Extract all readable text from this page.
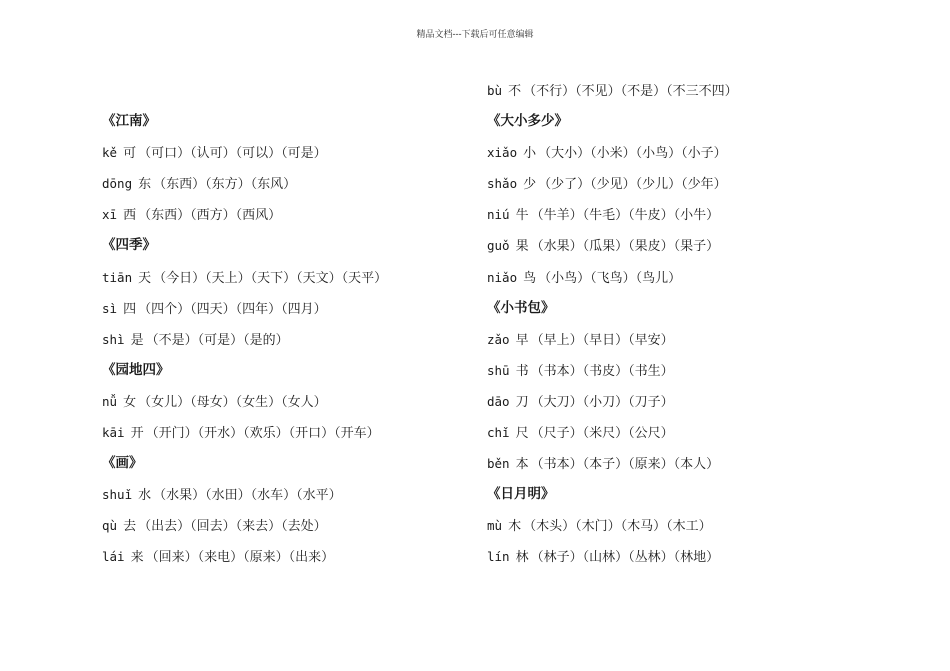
精品文档---下载后可任意编辑
《江南》
kě 可 （可口）（认可）（可以）（可是）
dōng 东 （东西）（东方）（东风）
xī 西 （东西）（西方）（西风）
《四季》
tiān 天 （今日）（天上）（天下）（天文）（天平）
sì 四 （四个）（四天）（四年）（四月）
shì 是 （不是）（可是）（是的）
《园地四》
nǚ 女 （女儿）（母女）（女生）（女人）
kāi 开 （开门）（开水）（欢乐）（开口）（开车）
《画》
shuǐ 水 （水果）（水田）（水车）（水平）
qù 去 （出去）（回去）（来去）（去处）
lái 来 （回来）（来电）（原来）（出来）
bù 不 （不行）（不见）（不是）（不三不四）
《大小多少》
xiǎo 小 （大小）（小米）（小鸟）（小子）
shǎo 少 （少了）（少见）（少儿）（少年）
niú 牛 （牛羊）（牛毛）（牛皮）（小牛）
guǒ 果 （水果）（瓜果）（果皮）（果子）
niǎo 鸟 （小鸟）（飞鸟）（鸟儿）
《小书包》
zǎo 早 （早上）（早日）（早安）
shū 书 （书本）（书皮）（书生）
dāo 刀 （大刀）（小刀）（刀子）
chǐ 尺 （尺子）（米尺）（公尺）
běn 本 （书本）（本子）（原来）（本人）
《日月明》
mù 木 （木头）（木门）（木马）（木工）
lín 林 （林子）（山林）（丛林）（林地）
